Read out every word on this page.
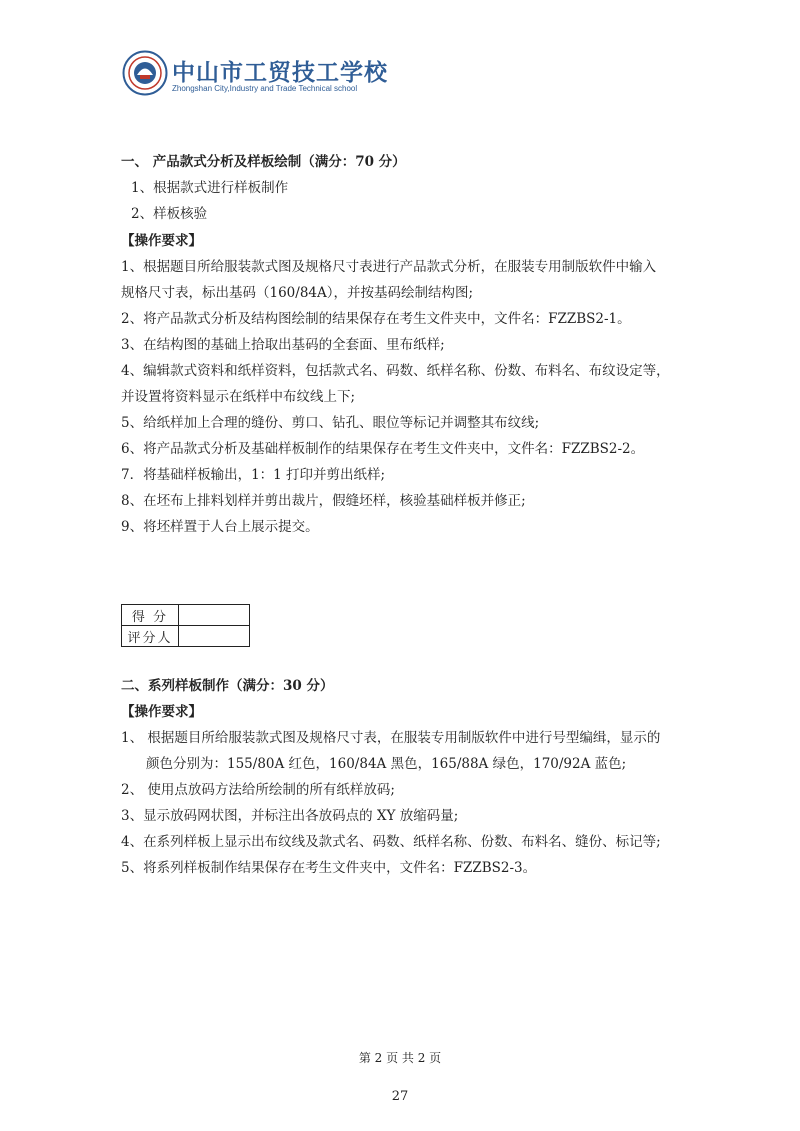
中山市工贸技工学校
Zhongshan City,Industry and Trade Technical school
一、 产品款式分析及样板绘制（满分：70 分）
1、根据款式进行样板制作
2、样板核验
【操作要求】
1、根据题目所给服装款式图及规格尺寸表进行产品款式分析，在服装专用制版软件中输入
规格尺寸表，标出基码（160/84A），并按基码绘制结构图;
2、将产品款式分析及结构图绘制的结果保存在考生文件夹中，文件名：FZZBS2-1。
3、在结构图的基础上拾取出基码的全套面、里布纸样;
4、编辑款式资料和纸样资料，包括款式名、码数、纸样名称、份数、布料名、布纹设定等，
并设置将资料显示在纸样中布纹线上下;
5、给纸样加上合理的缝份、剪口、钻孔、眼位等标记并调整其布纹线;
6、将产品款式分析及基础样板制作的结果保存在考生文件夹中，文件名：FZZBS2-2。
7．将基础样板输出，1：1 打印并剪出纸样;
8、在坯布上排料划样并剪出裁片，假缝坯样，核验基础样板并修正;
9、将坯样置于人台上展示提交。
得 分	
评分人	
二、系列样板制作（满分：30 分）
【操作要求】
1、 根据题目所给服装款式图及规格尺寸表，在服装专用制版软件中进行号型编缉，显示的
颜色分别为：155/80A 红色，160/84A 黑色，165/88A 绿色，170/92A 蓝色;
2、 使用点放码方法给所绘制的所有纸样放码;
3、显示放码网状图，并标注出各放码点的 XY 放缩码量;
4、在系列样板上显示出布纹线及款式名、码数、纸样名称、份数、布料名、缝份、标记等;
5、将系列样板制作结果保存在考生文件夹中，文件名：FZZBS2-3。
第 2 页 共 2 页
27
